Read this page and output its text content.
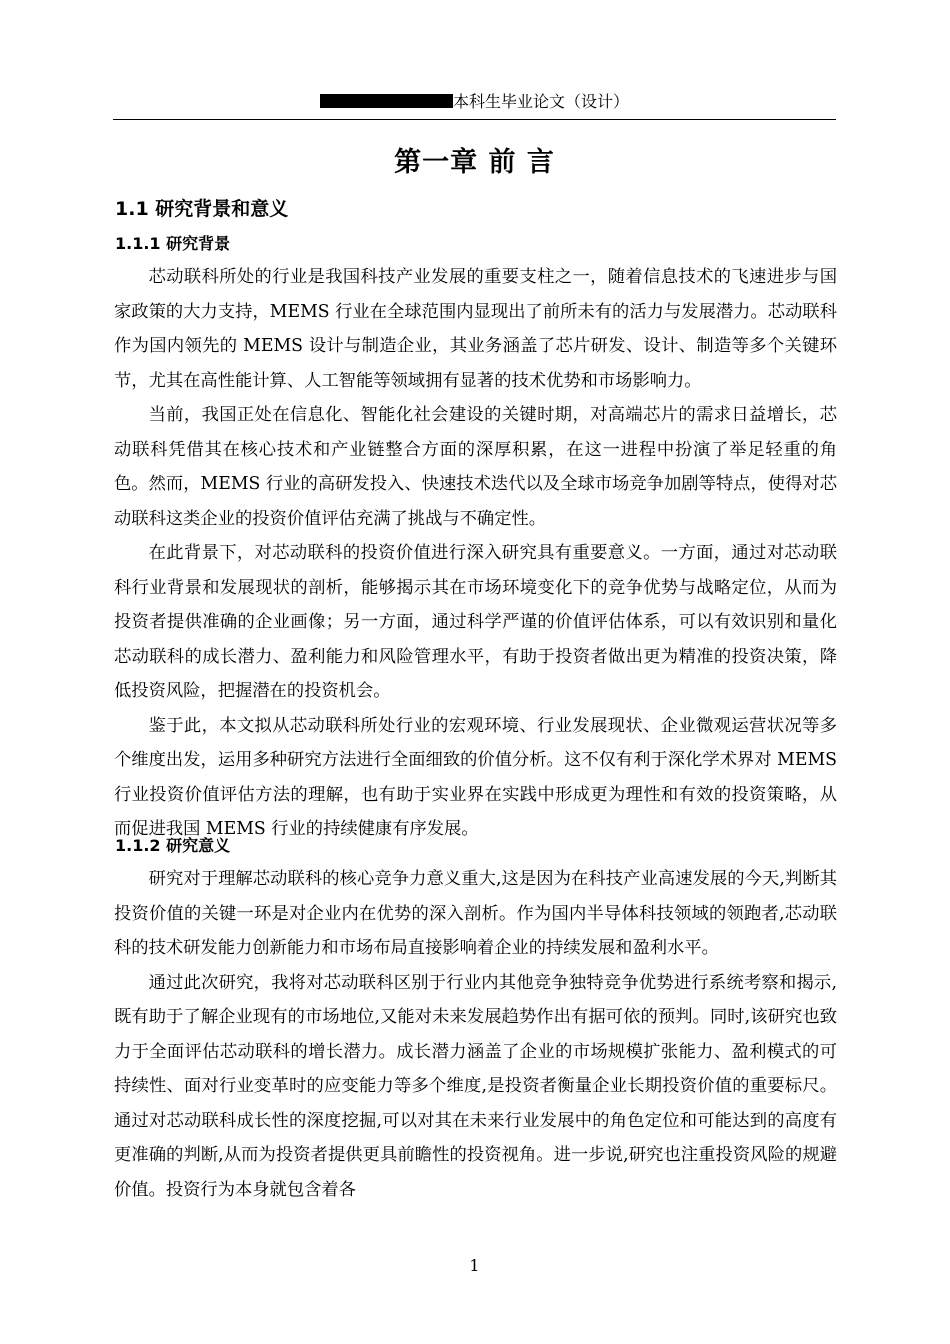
本科生毕业论文（设计）
第一章 前 言
1.1 研究背景和意义
1.1.1 研究背景

芯动联科所处的行业是我国科技产业发展的重要支柱之一，随着信息技术的飞速进步与国家政策的大力支持，MEMS 行业在全球范围内显现出了前所未有的活力与发展潜力。芯动联科作为国内领先的 MEMS 设计与制造企业，其业务涵盖了芯片研发、设计、制造等多个关键环节，尤其在高性能计算、人工智能等领域拥有显著的技术优势和市场影响力。

当前，我国正处在信息化、智能化社会建设的关键时期，对高端芯片的需求日益增长，芯动联科凭借其在核心技术和产业链整合方面的深厚积累，在这一进程中扮演了举足轻重的角色。然而，MEMS 行业的高研发投入、快速技术迭代以及全球市场竞争加剧等特点，使得对芯动联科这类企业的投资价值评估充满了挑战与不确定性。

在此背景下，对芯动联科的投资价值进行深入研究具有重要意义。一方面，通过对芯动联科行业背景和发展现状的剖析，能够揭示其在市场环境变化下的竞争优势与战略定位，从而为投资者提供准确的企业画像；另一方面，通过科学严谨的价值评估体系，可以有效识别和量化芯动联科的成长潜力、盈利能力和风险管理水平，有助于投资者做出更为精准的投资决策，降低投资风险，把握潜在的投资机会。

鉴于此，本文拟从芯动联科所处行业的宏观环境、行业发展现状、企业微观运营状况等多个维度出发，运用多种研究方法进行全面细致的价值分析。这不仅有利于深化学术界对 MEMS 行业投资价值评估方法的理解，也有助于实业界在实践中形成更为理性和有效的投资策略，从而促进我国 MEMS 行业的持续健康有序发展。

1.1.2 研究意义

研究对于理解芯动联科的核心竞争力意义重大,这是因为在科技产业高速发展的今天,判断其投资价值的关键一环是对企业内在优势的深入剖析。作为国内半导体科技领域的领跑者,芯动联科的技术研发能力创新能力和市场布局直接影响着企业的持续发展和盈利水平。

通过此次研究，我将对芯动联科区别于行业内其他竞争独特竞争优势进行系统考察和揭示,既有助于了解企业现有的市场地位,又能对未来发展趋势作出有据可依的预判。同时,该研究也致力于全面评估芯动联科的增长潜力。成长潜力涵盖了企业的市场规模扩张能力、盈利模式的可持续性、面对行业变革时的应变能力等多个维度,是投资者衡量企业长期投资价值的重要标尺。通过对芯动联科成长性的深度挖掘,可以对其在未来行业发展中的角色定位和可能达到的高度有更准确的判断,从而为投资者提供更具前瞻性的投资视角。进一步说,研究也注重投资风险的规避价值。投资行为本身就包含着各

1
